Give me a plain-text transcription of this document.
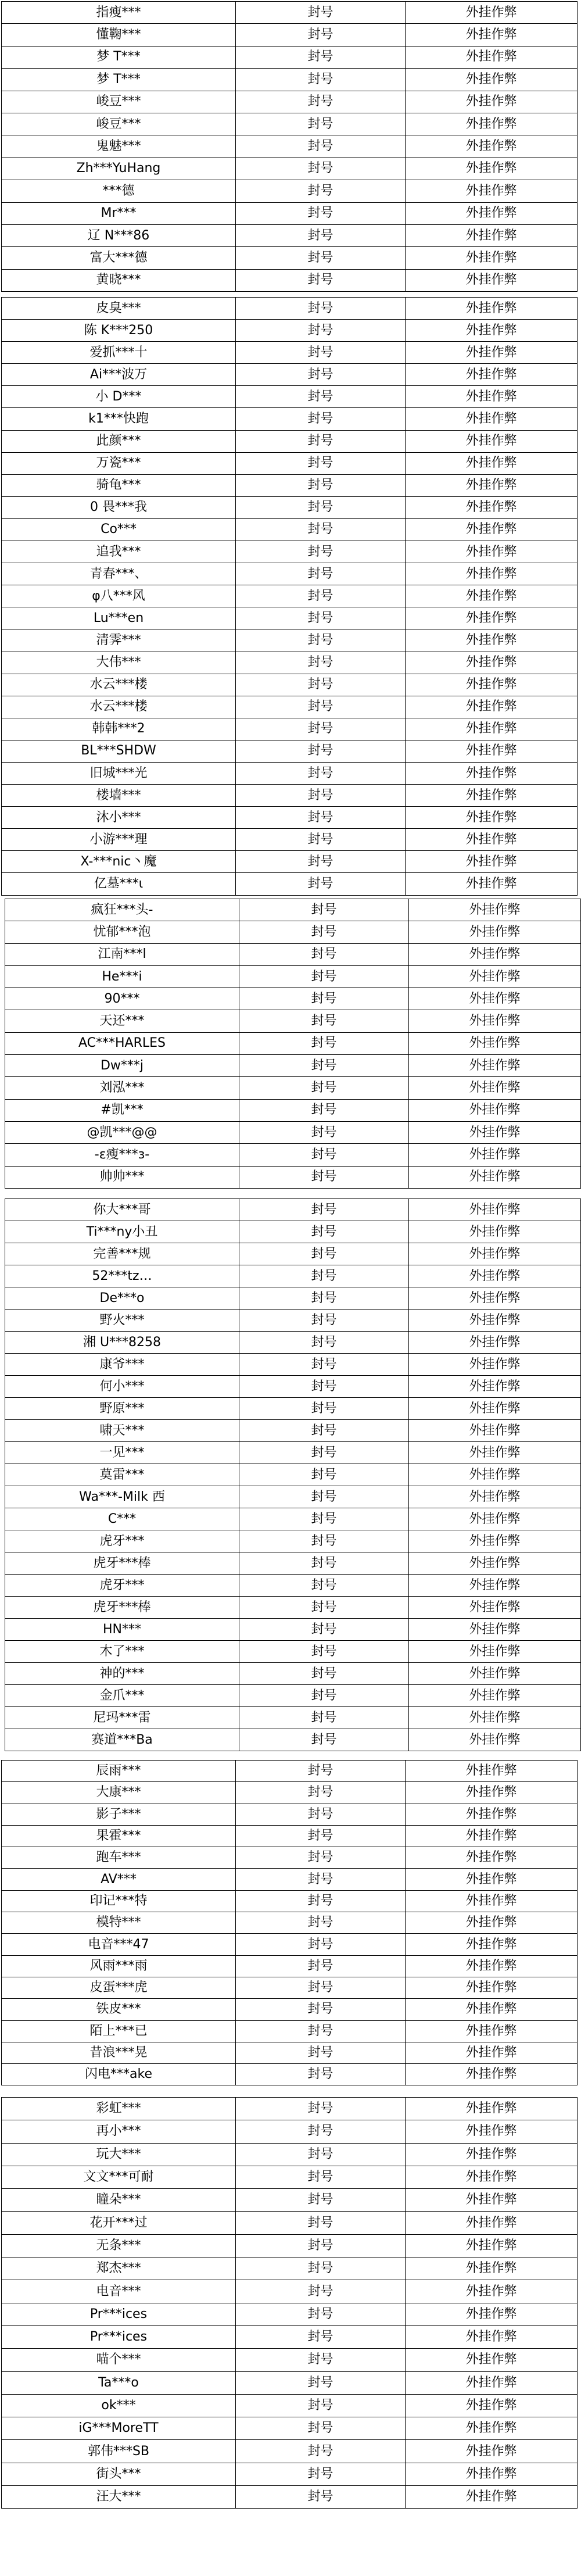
指瘦***	封号	外挂作弊
懂鞠***	封号	外挂作弊
梦 T***	封号	外挂作弊
梦 T***	封号	外挂作弊
峻豆***	封号	外挂作弊
峻豆***	封号	外挂作弊
鬼魅***	封号	外挂作弊
Zh***YuHang	封号	外挂作弊
***德	封号	外挂作弊
Mr***	封号	外挂作弊
辽 N***86	封号	外挂作弊
富大***德	封号	外挂作弊
黄晓***	封号	外挂作弊
皮臭***	封号	外挂作弊
陈 K***250	封号	外挂作弊
爱抓***十	封号	外挂作弊
Ai***波万	封号	外挂作弊
小 D***	封号	外挂作弊
k1***快跑	封号	外挂作弊
此颜***	封号	外挂作弊
万瓷***	封号	外挂作弊
骑龟***	封号	外挂作弊
0 畏***我	封号	外挂作弊
Co***	封号	外挂作弊
追我***	封号	外挂作弊
青春***、	封号	外挂作弊
φ八***风	封号	外挂作弊
Lu***en	封号	外挂作弊
清霁***	封号	外挂作弊
大伟***	封号	外挂作弊
水云***楼	封号	外挂作弊
水云***楼	封号	外挂作弊
韩韩***2	封号	外挂作弊
BL***SHDW	封号	外挂作弊
旧城***光	封号	外挂作弊
楼墙***	封号	外挂作弊
沐小***	封号	外挂作弊
小游***理	封号	外挂作弊
X-***nic丶魔	封号	外挂作弊
亿墓***ι	封号	外挂作弊
疯狂***头-	封号	外挂作弊
忧郁***泡	封号	外挂作弊
江南***l	封号	外挂作弊
He***i	封号	外挂作弊
90***	封号	外挂作弊
天还***	封号	外挂作弊
AC***HARLES	封号	外挂作弊
Dw***j	封号	外挂作弊
刘泓***	封号	外挂作弊
#凯***	封号	外挂作弊
@凯***@@	封号	外挂作弊
-ε瘦***ɜ-	封号	外挂作弊
帅帅***	封号	外挂作弊
你大***哥	封号	外挂作弊
Ti***ny小丑	封号	外挂作弊
完善***规	封号	外挂作弊
52***tz…	封号	外挂作弊
De***o	封号	外挂作弊
野火***	封号	外挂作弊
湘 U***8258	封号	外挂作弊
康爷***	封号	外挂作弊
何小***	封号	外挂作弊
野原***	封号	外挂作弊
啸天***	封号	外挂作弊
一见***	封号	外挂作弊
莫雷***	封号	外挂作弊
Wa***-Milk 西	封号	外挂作弊
C***	封号	外挂作弊
虎牙***	封号	外挂作弊
虎牙***棒	封号	外挂作弊
虎牙***	封号	外挂作弊
虎牙***棒	封号	外挂作弊
HN***	封号	外挂作弊
木了***	封号	外挂作弊
神的***	封号	外挂作弊
金爪***	封号	外挂作弊
尼玛***雷	封号	外挂作弊
赛道***Ba	封号	外挂作弊
辰雨***	封号	外挂作弊
大康***	封号	外挂作弊
影子***	封号	外挂作弊
果霍***	封号	外挂作弊
跑车***	封号	外挂作弊
AV***	封号	外挂作弊
印记***特	封号	外挂作弊
模特***	封号	外挂作弊
电音***47	封号	外挂作弊
风雨***雨	封号	外挂作弊
皮蛋***虎	封号	外挂作弊
铁皮***	封号	外挂作弊
陌上***已	封号	外挂作弊
昔浪***晃	封号	外挂作弊
闪电***ake	封号	外挂作弊
彩虹***	封号	外挂作弊
再小***	封号	外挂作弊
玩大***	封号	外挂作弊
文文***可耐	封号	外挂作弊
瞳朵***	封号	外挂作弊
花开***过	封号	外挂作弊
无条***	封号	外挂作弊
郑杰***	封号	外挂作弊
电音***	封号	外挂作弊
Pr***ices	封号	外挂作弊
Pr***ices	封号	外挂作弊
喵个***	封号	外挂作弊
Ta***o	封号	外挂作弊
ok***	封号	外挂作弊
iG***MoreTT	封号	外挂作弊
郭伟***SB	封号	外挂作弊
街头***	封号	外挂作弊
汪大***	封号	外挂作弊
